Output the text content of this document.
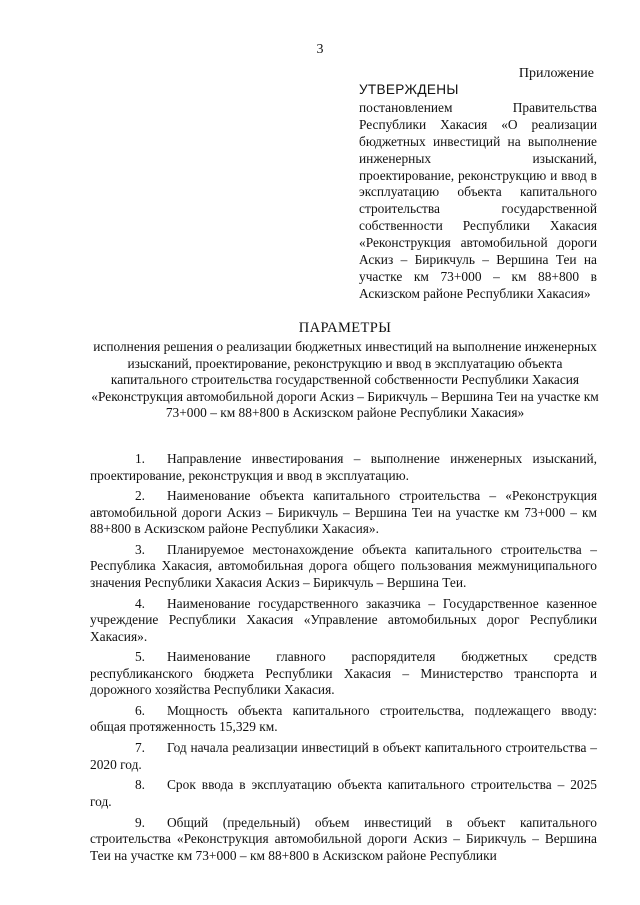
3
Приложение
УТВЕРЖДЕНЫ
постановлением Правительства Республики Хакасия «О реализации бюджетных инвестиций на выполнение инженерных изысканий, проектирование, реконструкцию и ввод в эксплуатацию объекта капитального строительства государственной собственности Республики Хакасия «Реконструкция автомобильной дороги Аскиз – Бирикчуль – Вершина Теи на участке км 73+000 – км 88+800 в Аскизском районе Республики Хакасия»
ПАРАМЕТРЫ
исполнения решения о реализации бюджетных инвестиций на выполнение инженерных изысканий, проектирование, реконструкцию и ввод в эксплуатацию объекта капитального строительства государственной собственности Республики Хакасия «Реконструкция автомобильной дороги Аскиз – Бирикчуль – Вершина Теи на участке км 73+000 – км 88+800 в Аскизском районе Республики Хакасия»

1. Направление инвестирования – выполнение инженерных изысканий, проектирование, реконструкция и ввод в эксплуатацию.

2. Наименование объекта капитального строительства – «Реконструкция автомобильной дороги Аскиз – Бирикчуль – Вершина Теи на участке км 73+000 – км 88+800 в Аскизском районе Республики Хакасия».

3. Планируемое местонахождение объекта капитального строительства – Республика Хакасия, автомобильная дорога общего пользования межмуниципального значения Республики Хакасия Аскиз – Бирикчуль – Вершина Теи.

4. Наименование государственного заказчика – Государственное казенное учреждение Республики Хакасия «Управление автомобильных дорог Республики Хакасия».

5. Наименование главного распорядителя бюджетных средств республиканского бюджета Республики Хакасия – Министерство транспорта и дорожного хозяйства Республики Хакасия.

6. Мощность объекта капитального строительства, подлежащего вводу: общая протяженность 15,329 км.

7. Год начала реализации инвестиций в объект капитального строительства – 2020 год.

8. Срок ввода в эксплуатацию объекта капитального строительства – 2025 год.

9. Общий (предельный) объем инвестиций в объект капитального строительства «Реконструкция автомобильной дороги Аскиз – Бирикчуль – Вершина Теи на участке км 73+000 – км 88+800 в Аскизском районе Республики
